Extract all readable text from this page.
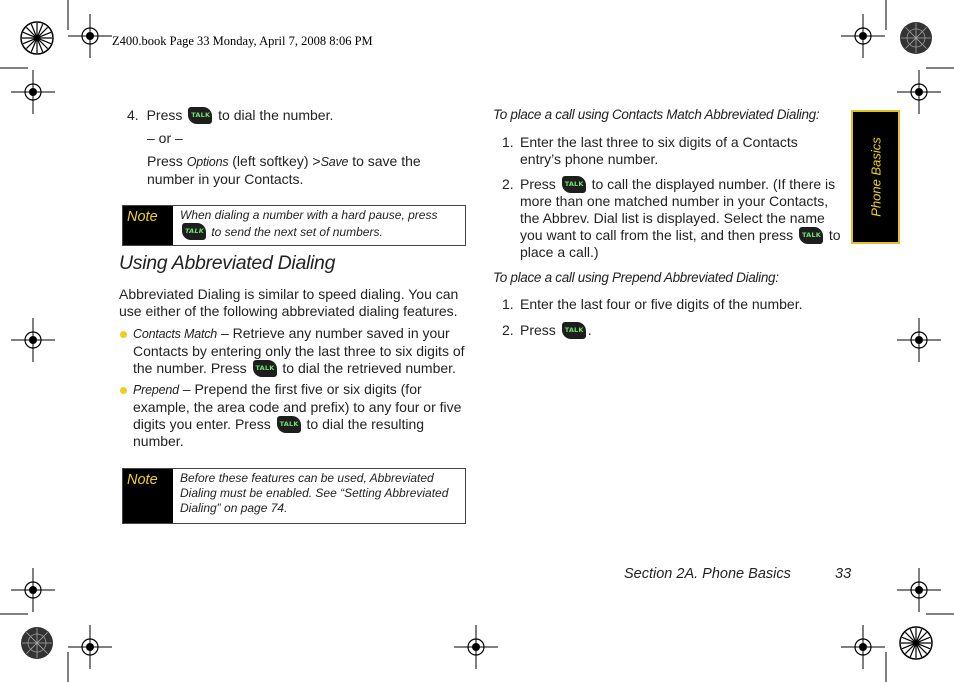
Z400.book Page 33 Monday, April 7, 2008 8:06 PM
Phone Basics
4. Press TALK to dial the number.
– or –
Press Options (left softkey) >Save to save the
number in your Contacts.
Note	When dialing a number with a hard pause, press
TALK to send the next set of numbers.
Using Abbreviated Dialing
Abbreviated Dialing is similar to speed dialing. You can
use either of the following abbreviated dialing features.
Contacts Match – Retrieve any number saved in your
Contacts by entering only the last three to six digits of
the number. Press TALK to dial the retrieved number.
Prepend – Prepend the first five or six digits (for
example, the area code and prefix) to any four or five
digits you enter. Press TALK to dial the resulting
number.
Note	Before these features can be used, Abbreviated
Dialing must be enabled. See “Setting Abbreviated
Dialing” on page 74.
To place a call using Contacts Match Abbreviated Dialing:
1. Enter the last three to six digits of a Contacts
entry’s phone number.
2. Press TALK to call the displayed number. (If there is
more than one matched number in your Contacts,
the Abbrev. Dial list is displayed. Select the name
you want to call from the list, and then press TALK to
place a call.)
To place a call using Prepend Abbreviated Dialing:
1. Enter the last four or five digits of the number.
2. Press TALK .
Section 2A. Phone Basics	33
